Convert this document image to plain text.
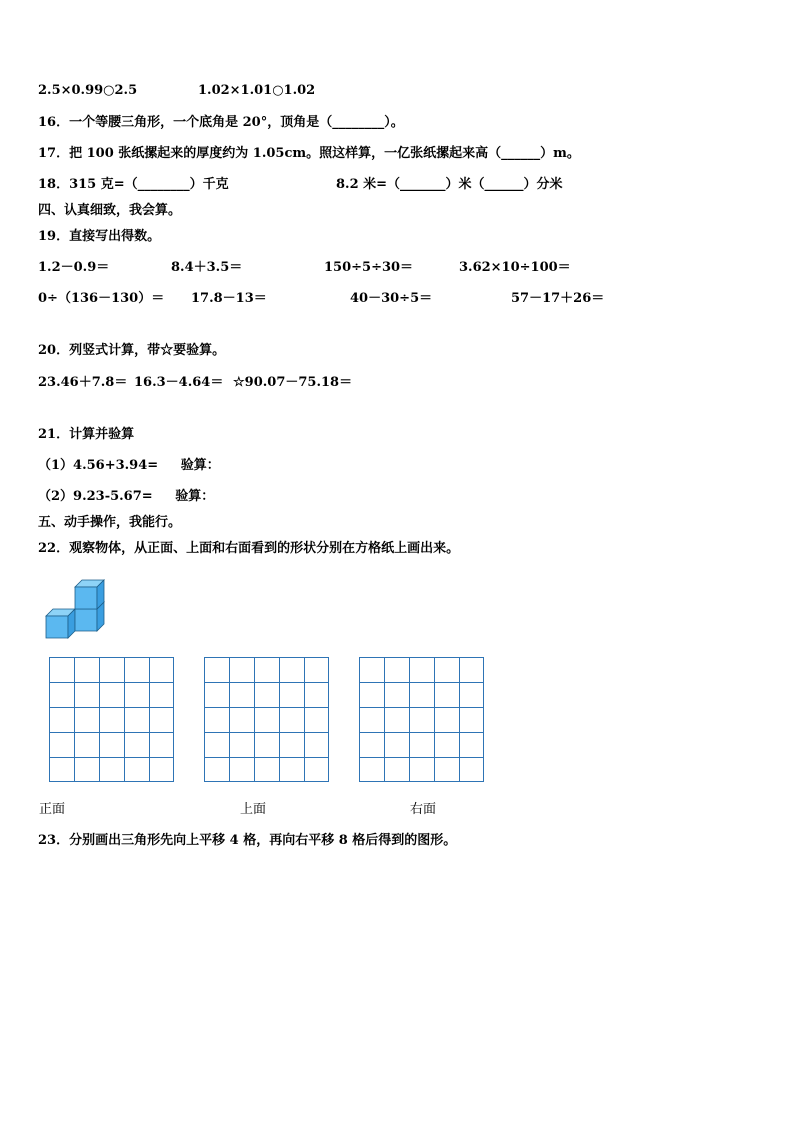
2.5×0.99○2.5	1.02×1.01○1.02
16．一个等腰三角形，一个底角是 20°，顶角是（________）。
17．把 100 张纸摞起来的厚度约为 1.05cm。照这样算，一亿张纸摞起来高（______）m。
18．315 克=（________）千克	8.2 米=（_______）米（______）分米
四、认真细致，我会算。
19．直接写出得数。
1.2－0.9＝	8.4＋3.5＝	150÷5÷30＝	3.62×10÷100＝
0÷（136－130）＝ 17.8－13＝	40－30÷5＝	57－17＋26＝
20．列竖式计算，带☆要验算。
23.46＋7.8＝ 16.3－4.64＝ ☆90.07－75.18＝
21．计算并验算
（1）4.56+3.94=     验算：
（2）9.23-5.67=     验算：
五、动手操作，我能行。
22．观察物体，从正面、上面和右面看到的形状分别在方格纸上画出来。
正面	上面	右面
23．分别画出三角形先向上平移 4 格，再向右平移 8 格后得到的图形。
